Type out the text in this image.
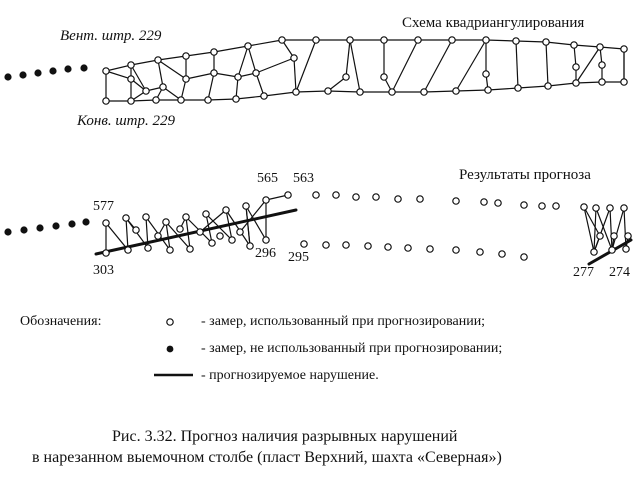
Вент. штр. 229
Конв. штр. 229
Схема квадриангулирования
Результаты прогноза
577
565 563
303
296 295
277 274
Обозначения:	- замер, использованный при прогнозировании;
- замер, не использованный при прогнозировании;
- прогнозируемое нарушение.
Рис. 3.32. Прогноз наличия разрывных нарушений
в нарезанном выемочном столбе (пласт Верхний, шахта «Северная»)
